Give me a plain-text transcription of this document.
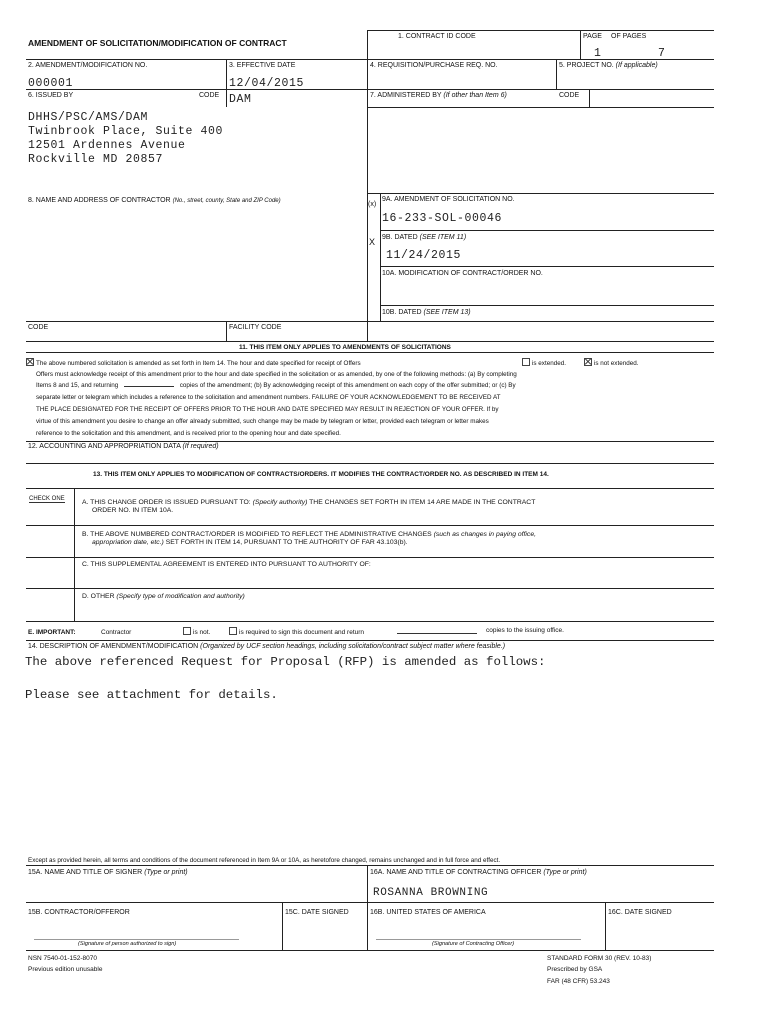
AMENDMENT OF SOLICITATION/MODIFICATION OF CONTRACT
1. CONTRACT ID CODE	PAGE OF PAGES
1	7
2. AMENDMENT/MODIFICATION NO.
000001
3. EFFECTIVE DATE
12/04/2015
4. REQUISITION/PURCHASE REQ. NO.	5. PROJECT NO. (If applicable)
6. ISSUED BY	CODE DAM	7. ADMINISTERED BY (If other than Item 6)	CODE
DHHS/PSC/AMS/DAM
Twinbrook Place, Suite 400
12501 Ardennes Avenue
Rockville MD 20857
8. NAME AND ADDRESS OF CONTRACTOR (No., street, county, State and ZIP Code)	(x)
X
9A. AMENDMENT OF SOLICITATION NO.
16-233-SOL-00046
9B. DATED (SEE ITEM 11)
11/24/2015
10A. MODIFICATION OF CONTRACT/ORDER NO.
10B. DATED (SEE ITEM 13)
CODE	FACILITY CODE
11. THIS ITEM ONLY APPLIES TO AMENDMENTS OF SOLICITATIONS
The above numbered solicitation is amended as set forth in Item 14. The hour and date specified for receipt of Offers	is extended.	is not extended.
Offers must acknowledge receipt of this amendment prior to the hour and date specified in the solicitation or as amended, by one of the following methods: (a) By completing
Items 8 and 15, and returning	copies of the amendment; (b) By acknowledging receipt of this amendment on each copy of the offer submitted; or (c) By
separate letter or telegram which includes a reference to the solicitation and amendment numbers. FAILURE OF YOUR ACKNOWLEDGEMENT TO BE RECEIVED AT
THE PLACE DESIGNATED FOR THE RECEIPT OF OFFERS PRIOR TO THE HOUR AND DATE SPECIFIED MAY RESULT IN REJECTION OF YOUR OFFER. If by
virtue of this amendment you desire to change an offer already submitted, such change may be made by telegram or letter, provided each telegram or letter makes
reference to the solicitation and this amendment, and is received prior to the opening hour and date specified.
12. ACCOUNTING AND APPROPRIATION DATA (If required)
13. THIS ITEM ONLY APPLIES TO MODIFICATION OF CONTRACTS/ORDERS. IT MODIFIES THE CONTRACT/ORDER NO. AS DESCRIBED IN ITEM 14.
CHECK ONE	A. THIS CHANGE ORDER IS ISSUED PURSUANT TO: (Specify authority) THE CHANGES SET FORTH IN ITEM 14 ARE MADE IN THE CONTRACT
ORDER NO. IN ITEM 10A.
B. THE ABOVE NUMBERED CONTRACT/ORDER IS MODIFIED TO REFLECT THE ADMINISTRATIVE CHANGES (such as changes in paying office,
appropriation date, etc.) SET FORTH IN ITEM 14, PURSUANT TO THE AUTHORITY OF FAR 43.103(b).
C. THIS SUPPLEMENTAL AGREEMENT IS ENTERED INTO PURSUANT TO AUTHORITY OF:
D. OTHER (Specify type of modification and authority)
E. IMPORTANT:	Contractor	is not.	is required to sign this document and return	copies to the issuing office.
14. DESCRIPTION OF AMENDMENT/MODIFICATION (Organized by UCF section headings, including solicitation/contract subject matter where feasible.)
The above referenced Request for Proposal (RFP) is amended as follows:
Please see attachment for details.
Except as provided herein, all terms and conditions of the document referenced in Item 9A or 10A, as heretofore changed, remains unchanged and in full force and effect.
15A. NAME AND TITLE OF SIGNER (Type or print)	16A. NAME AND TITLE OF CONTRACTING OFFICER (Type or print)
ROSANNA BROWNING
15B. CONTRACTOR/OFFEROR	15C. DATE SIGNED	16B. UNITED STATES OF AMERICA	16C. DATE SIGNED
(Signature of person authorized to sign)	(Signature of Contracting Officer)
NSN 7540-01-152-8070
Previous edition unusable
STANDARD FORM 30 (REV. 10-83)
Prescribed by GSA
FAR (48 CFR) 53.243
